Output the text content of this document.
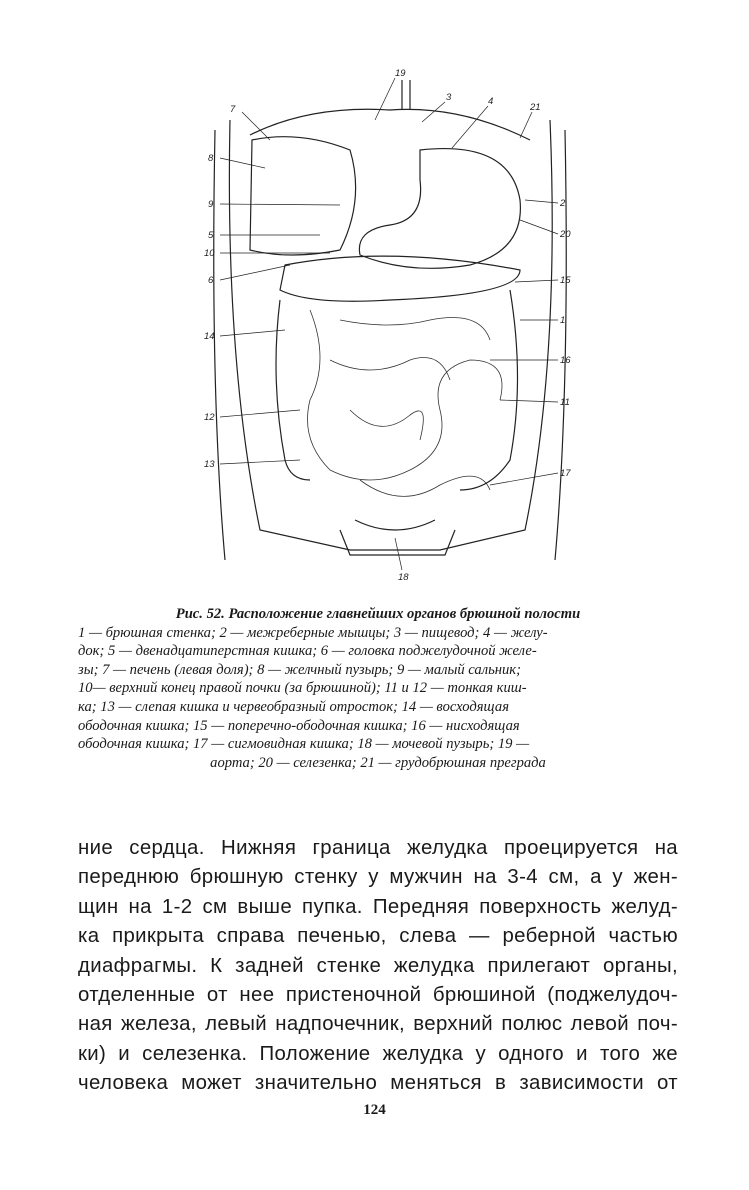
19
3	4
21
7
8
2
9
20
5
10
6	15
1
14
16
11
12
13
17
18
Рис. 52. Расположение главнейших органов брюшной полости
1 — брюшная стенка; 2 — межреберные мышцы; 3 — пищевод; 4 — желу-
док; 5 — двенадцатиперстная кишка; 6 — головка поджелудочной желе-
зы; 7 — печень (левая доля); 8 — желчный пузырь; 9 — малый сальник;
10— верхний конец правой почки (за брюшиной); 11 и 12 — тонкая киш-
ка; 13 — слепая кишка и червеобразный отросток; 14 — восходящая
ободочная кишка; 15 — поперечно-ободочная кишка; 16 — нисходящая
ободочная кишка; 17 — сигмовидная кишка; 18 — мочевой пузырь; 19 —
аорта; 20 — селезенка; 21 — грудобрюшная преграда
ние сердца. Нижняя граница желудка проецируется на
переднюю брюшную стенку у мужчин на 3-4 см, а у жен-
щин на 1-2 см выше пупка. Передняя поверхность желуд-
ка прикрыта справа печенью, слева — реберной частью
диафрагмы. К задней стенке желудка прилегают органы,
отделенные от нее пристеночной брюшиной (поджелудоч-
ная железа, левый надпочечник, верхний полюс левой поч-
ки) и селезенка. Положение желудка у одного и того же
человека может значительно меняться в зависимости от
124
